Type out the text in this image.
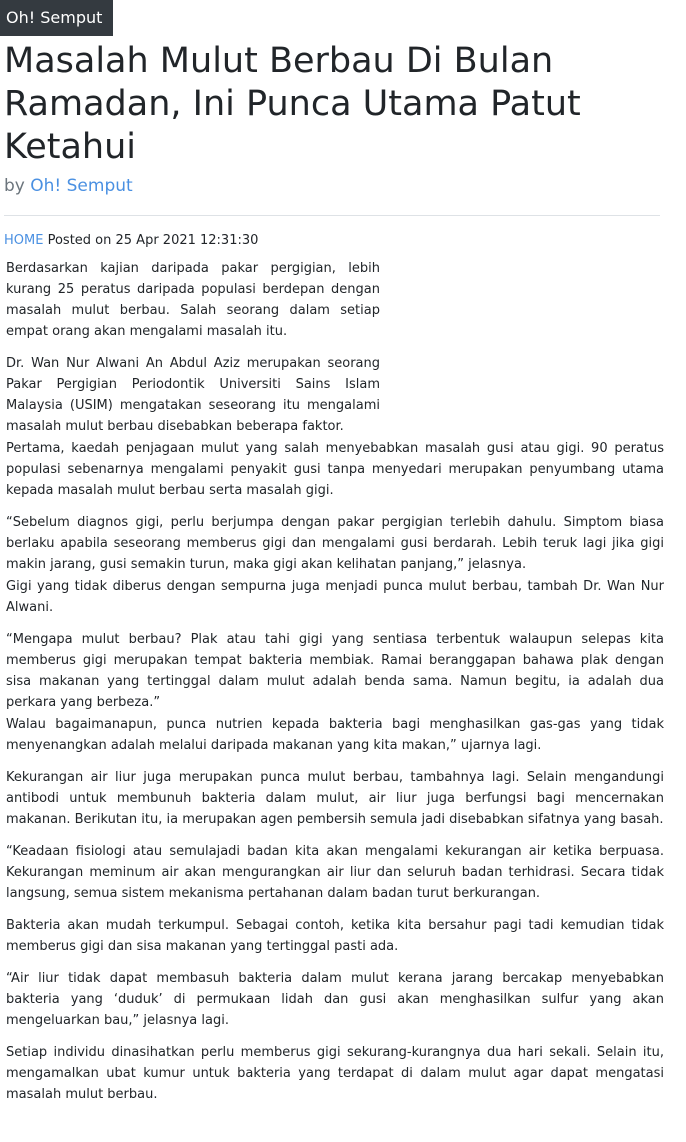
Oh! Semput
Masalah Mulut Berbau Di Bulan Ramadan, Ini Punca Utama Patut Ketahui
by Oh! Semput
HOME Posted on 25 Apr 2021 12:31:30

Berdasarkan kajian daripada pakar pergigian, lebih kurang 25 peratus daripada populasi berdepan dengan masalah mulut berbau. Salah seorang dalam setiap empat orang akan mengalami masalah itu.

Dr. Wan Nur Alwani An Abdul Aziz merupakan seorang Pakar Pergigian Periodontik Universiti Sains Islam Malaysia (USIM) mengatakan seseorang itu mengalami masalah mulut berbau disebabkan beberapa faktor.

Pertama, kaedah penjagaan mulut yang salah menyebabkan masalah gusi atau gigi. 90 peratus populasi sebenarnya mengalami penyakit gusi tanpa menyedari merupakan penyumbang utama kepada masalah mulut berbau serta masalah gigi.

“Sebelum diagnos gigi, perlu berjumpa dengan pakar pergigian terlebih dahulu. Simptom biasa berlaku apabila seseorang memberus gigi dan mengalami gusi berdarah. Lebih teruk lagi jika gigi makin jarang, gusi semakin turun, maka gigi akan kelihatan panjang,” jelasnya.

Gigi yang tidak diberus dengan sempurna juga menjadi punca mulut berbau, tambah Dr. Wan Nur Alwani.

“Mengapa mulut berbau? Plak atau tahi gigi yang sentiasa terbentuk walaupun selepas kita memberus gigi merupakan tempat bakteria membiak. Ramai beranggapan bahawa plak dengan sisa makanan yang tertinggal dalam mulut adalah benda sama. Namun begitu, ia adalah dua perkara yang berbeza.”

Walau bagaimanapun, punca nutrien kepada bakteria bagi menghasilkan gas-gas yang tidak menyenangkan adalah melalui daripada makanan yang kita makan,” ujarnya lagi.

Kekurangan air liur juga merupakan punca mulut berbau, tambahnya lagi. Selain mengandungi antibodi untuk membunuh bakteria dalam mulut, air liur juga berfungsi bagi mencernakan makanan. Berikutan itu, ia merupakan agen pembersih semula jadi disebabkan sifatnya yang basah.

“Keadaan fisiologi atau semulajadi badan kita akan mengalami kekurangan air ketika berpuasa. Kekurangan meminum air akan mengurangkan air liur dan seluruh badan terhidrasi. Secara tidak langsung, semua sistem mekanisma pertahanan dalam badan turut berkurangan.

Bakteria akan mudah terkumpul. Sebagai contoh, ketika kita bersahur pagi tadi kemudian tidak memberus gigi dan sisa makanan yang tertinggal pasti ada.

“Air liur tidak dapat membasuh bakteria dalam mulut kerana jarang bercakap menyebabkan bakteria yang ‘duduk’ di permukaan lidah dan gusi akan menghasilkan sulfur yang akan mengeluarkan bau,” jelasnya lagi.

Setiap individu dinasihatkan perlu memberus gigi sekurang-kurangnya dua hari sekali. Selain itu, mengamalkan ubat kumur untuk bakteria yang terdapat di dalam mulut agar dapat mengatasi masalah mulut berbau.
